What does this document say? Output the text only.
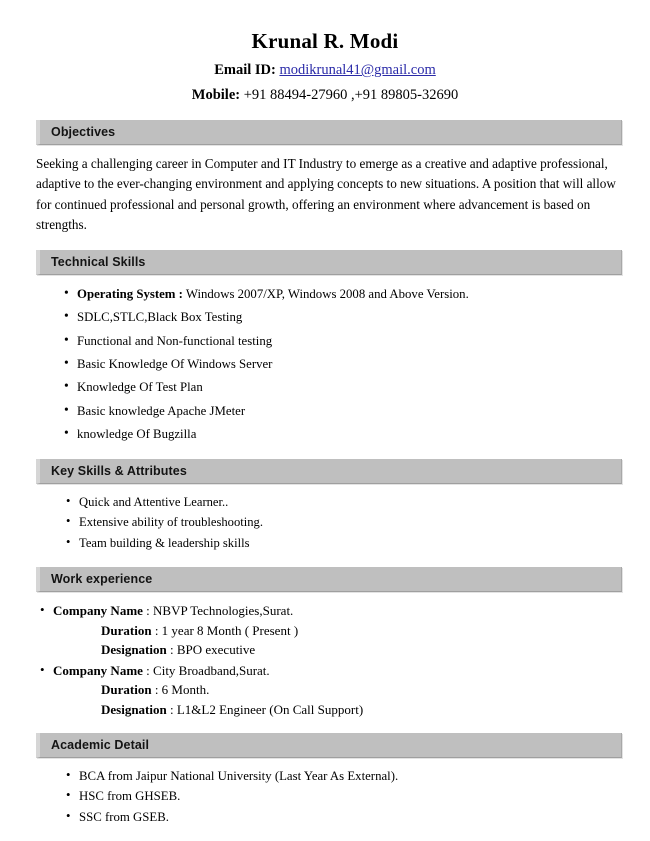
Krunal R. Modi

Email ID: modikrunal41@gmail.com

Mobile: +91 88494-27960 ,+91 89805-32690

Objectives

Seeking a challenging career in Computer and IT Industry to emerge as a creative and adaptive professional, adaptive to the ever-changing environment and applying concepts to new situations. A position that will allow for continued professional and personal growth, offering an environment where advancement is based on strengths.

Technical Skills
• Operating System : Windows 2007/XP, Windows 2008 and Above Version.
• SDLC,STLC,Black Box Testing
• Functional and Non-functional testing
• Basic Knowledge Of Windows Server
• Knowledge Of Test Plan
• Basic knowledge Apache JMeter
• knowledge Of Bugzilla
Key Skills & Attributes
• Quick and Attentive Learner..
• Extensive ability of troubleshooting.
• Team building & leadership skills
Work experience
• Company Name : NBVP Technologies,Surat.
Duration : 1 year 8 Month ( Present )
Designation : BPO executive
• Company Name : City Broadband,Surat.
Duration : 6 Month.
Designation : L1&L2 Engineer (On Call Support)
Academic Detail
• BCA from Jaipur National University (Last Year As External).
• HSC from GHSEB.
• SSC from GSEB.
